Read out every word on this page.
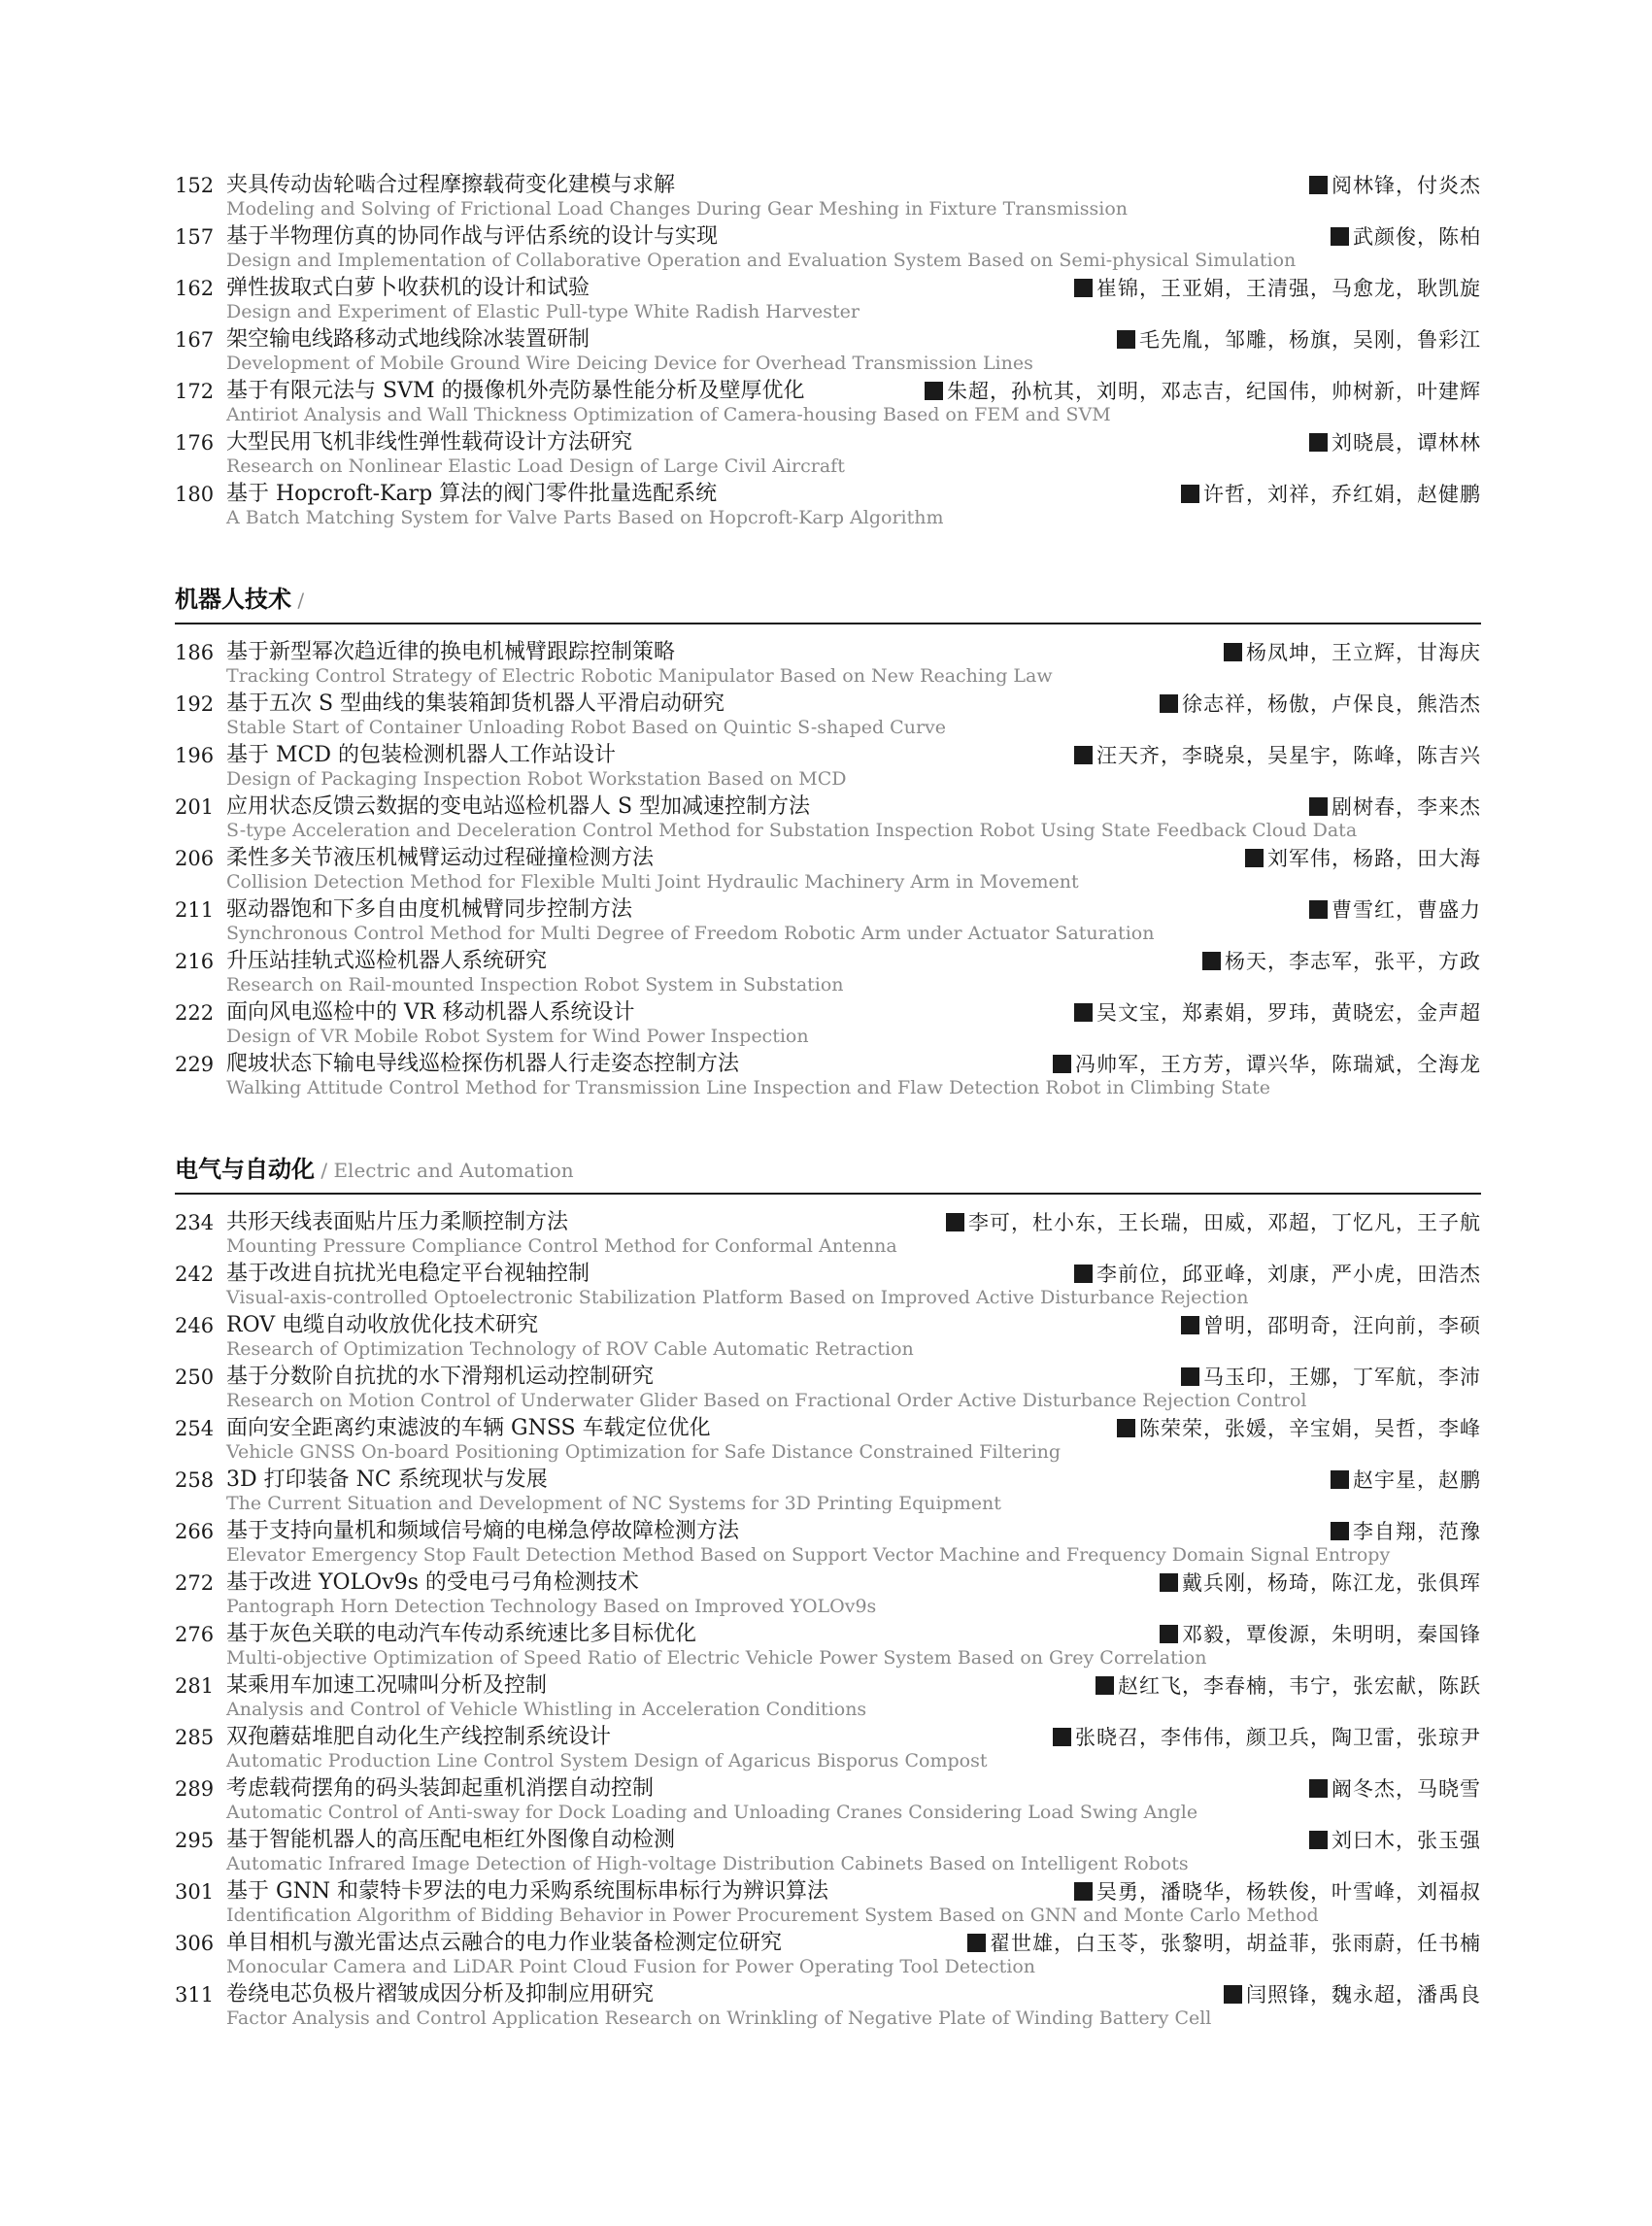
152 夹具传动齿轮啮合过程摩擦载荷变化建模与求解	阅林锋，付炎杰
Modeling and Solving of Frictional Load Changes During Gear Meshing in Fixture Transmission
157 基于半物理仿真的协同作战与评估系统的设计与实现	武颜俊，陈柏
Design and Implementation of Collaborative Operation and Evaluation System Based on Semi-physical Simulation
162 弹性拔取式白萝卜收获机的设计和试验	崔锦，王亚娟，王清强，马愈龙，耿凯旋
Design and Experiment of Elastic Pull-type White Radish Harvester
167 架空输电线路移动式地线除冰装置研制	毛先胤，邹雕，杨旗，吴刚，鲁彩江
Development of Mobile Ground Wire Deicing Device for Overhead Transmission Lines
172 基于有限元法与 SVM 的摄像机外壳防暴性能分析及壁厚优化	朱超，孙杭其，刘明，邓志吉，纪国伟，帅树新，叶建辉
Antiriot Analysis and Wall Thickness Optimization of Camera-housing Based on FEM and SVM
176 大型民用飞机非线性弹性载荷设计方法研究	刘晓晨，谭林林
Research on Nonlinear Elastic Load Design of Large Civil Aircraft
180 基于 Hopcroft-Karp 算法的阀门零件批量选配系统	许哲，刘祥，乔红娟，赵健鹏
A Batch Matching System for Valve Parts Based on Hopcroft-Karp Algorithm
机器人技术 /
186 基于新型幂次趋近律的换电机械臂跟踪控制策略	杨凤坤，王立辉，甘海庆
Tracking Control Strategy of Electric Robotic Manipulator Based on New Reaching Law
192 基于五次 S 型曲线的集装箱卸货机器人平滑启动研究	徐志祥，杨傲，卢保良，熊浩杰
Stable Start of Container Unloading Robot Based on Quintic S-shaped Curve
196 基于 MCD 的包装检测机器人工作站设计	汪天齐，李晓泉，吴星宇，陈峰，陈吉兴
Design of Packaging Inspection Robot Workstation Based on MCD
201 应用状态反馈云数据的变电站巡检机器人 S 型加减速控制方法	剧树春，李来杰
S-type Acceleration and Deceleration Control Method for Substation Inspection Robot Using State Feedback Cloud Data
206 柔性多关节液压机械臂运动过程碰撞检测方法	刘军伟，杨路，田大海
Collision Detection Method for Flexible Multi Joint Hydraulic Machinery Arm in Movement
211 驱动器饱和下多自由度机械臂同步控制方法	曹雪红，曹盛力
Synchronous Control Method for Multi Degree of Freedom Robotic Arm under Actuator Saturation
216 升压站挂轨式巡检机器人系统研究	杨天，李志军，张平，方政
Research on Rail-mounted Inspection Robot System in Substation
222 面向风电巡检中的 VR 移动机器人系统设计	吴文宝，郑素娟，罗玮，黄晓宏，金声超
Design of VR Mobile Robot System for Wind Power Inspection
229 爬坡状态下输电导线巡检探伤机器人行走姿态控制方法	冯帅军，王方芳，谭兴华，陈瑞斌，仝海龙
Walking Attitude Control Method for Transmission Line Inspection and Flaw Detection Robot in Climbing State
电气与自动化 / Electric and Automation
234 共形天线表面贴片压力柔顺控制方法	李可，杜小东，王长瑞，田威，邓超，丁忆凡，王子航
Mounting Pressure Compliance Control Method for Conformal Antenna
242 基于改进自抗扰光电稳定平台视轴控制	李前位，邱亚峰，刘康，严小虎，田浩杰
Visual-axis-controlled Optoelectronic Stabilization Platform Based on Improved Active Disturbance Rejection
246 ROV 电缆自动收放优化技术研究	曾明，邵明奇，汪向前，李硕
Research of Optimization Technology of ROV Cable Automatic Retraction
250 基于分数阶自抗扰的水下滑翔机运动控制研究	马玉印，王娜，丁军航，李沛
Research on Motion Control of Underwater Glider Based on Fractional Order Active Disturbance Rejection Control
254 面向安全距离约束滤波的车辆 GNSS 车载定位优化	陈荣荣，张媛，辛宝娟，吴哲，李峰
Vehicle GNSS On-board Positioning Optimization for Safe Distance Constrained Filtering
258 3D 打印装备 NC 系统现状与发展	赵宇星，赵鹏
The Current Situation and Development of NC Systems for 3D Printing Equipment
266 基于支持向量机和频域信号熵的电梯急停故障检测方法	李自翔，范豫
Elevator Emergency Stop Fault Detection Method Based on Support Vector Machine and Frequency Domain Signal Entropy
272 基于改进 YOLOv9s 的受电弓弓角检测技术	戴兵刚，杨琦，陈江龙，张俱珲
Pantograph Horn Detection Technology Based on Improved YOLOv9s
276 基于灰色关联的电动汽车传动系统速比多目标优化	邓毅，覃俊源，朱明明，秦国锋
Multi-objective Optimization of Speed Ratio of Electric Vehicle Power System Based on Grey Correlation
281 某乘用车加速工况啸叫分析及控制	赵红飞，李春楠，韦宁，张宏献，陈跃
Analysis and Control of Vehicle Whistling in Acceleration Conditions
285 双孢蘑菇堆肥自动化生产线控制系统设计	张晓召，李伟伟，颜卫兵，陶卫雷，张琼尹
Automatic Production Line Control System Design of Agaricus Bisporus Compost
289 考虑载荷摆角的码头装卸起重机消摆自动控制	阚冬杰，马晓雪
Automatic Control of Anti-sway for Dock Loading and Unloading Cranes Considering Load Swing Angle
295 基于智能机器人的高压配电柜红外图像自动检测	刘曰木，张玉强
Automatic Infrared Image Detection of High-voltage Distribution Cabinets Based on Intelligent Robots
301 基于 GNN 和蒙特卡罗法的电力采购系统围标串标行为辨识算法	吴勇，潘晓华，杨轶俊，叶雪峰，刘福叔
Identification Algorithm of Bidding Behavior in Power Procurement System Based on GNN and Monte Carlo Method
306 单目相机与激光雷达点云融合的电力作业装备检测定位研究	翟世雄，白玉苓，张黎明，胡益菲，张雨蔚，任书楠
Monocular Camera and LiDAR Point Cloud Fusion for Power Operating Tool Detection
311 卷绕电芯负极片褶皱成因分析及抑制应用研究	闫照锋，魏永超，潘禹良
Factor Analysis and Control Application Research on Wrinkling of Negative Plate of Winding Battery Cell
